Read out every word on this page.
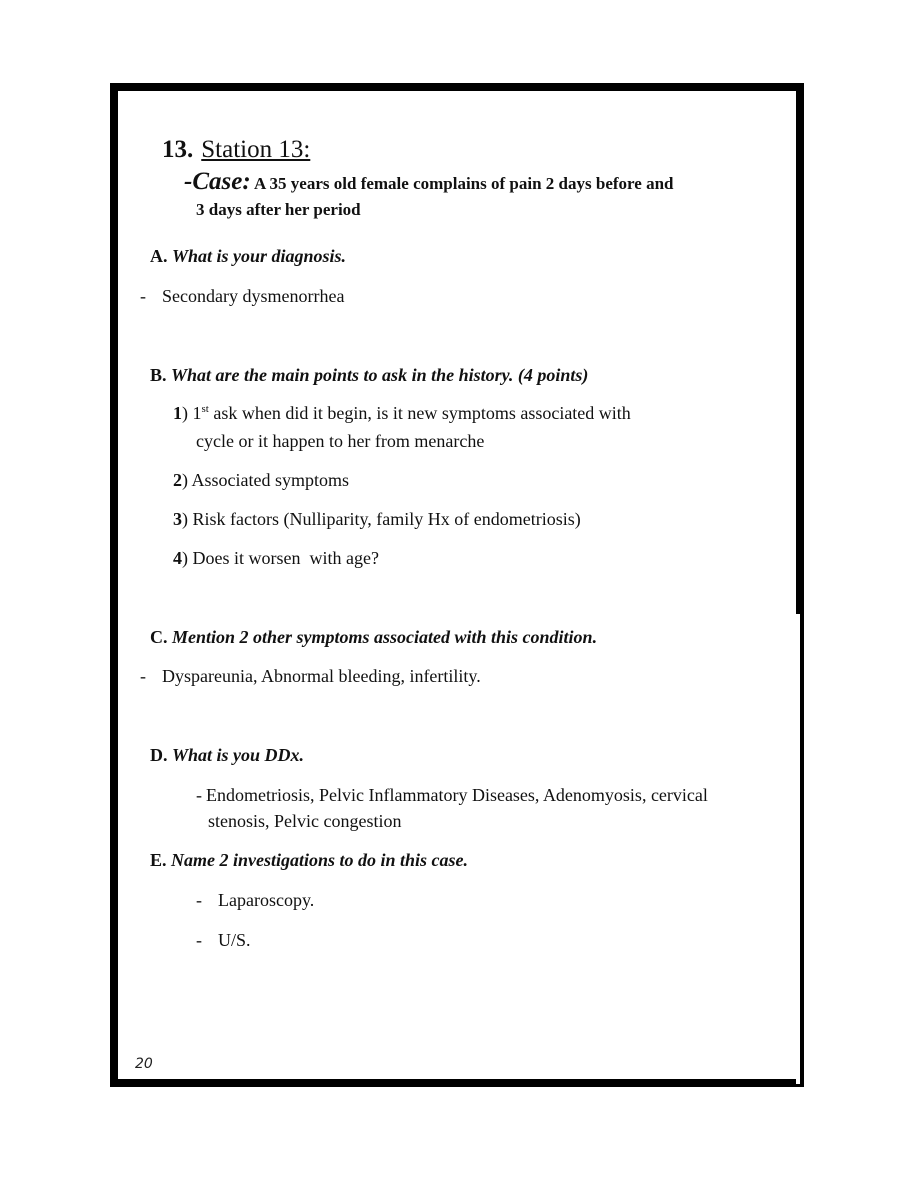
13. Station 13:
-Case: A 35 years old female complains of pain 2 days before and
3 days after her period
A. What is your diagnosis.
- Secondary dysmenorrhea
B. What are the main points to ask in the history. (4 points)
1) 1st ask when did it begin, is it new symptoms associated with
cycle or it happen to her from menarche
2) Associated symptoms
3) Risk factors (Nulliparity, family Hx of endometriosis)
4) Does it worsen  with age?
C. Mention 2 other symptoms associated with this condition.
- Dyspareunia, Abnormal bleeding, infertility.
D. What is you DDx.
- Endometriosis, Pelvic Inflammatory Diseases, Adenomyosis, cervical
stenosis, Pelvic congestion
E. Name 2 investigations to do in this case.
- Laparoscopy.
- U/S.
20
